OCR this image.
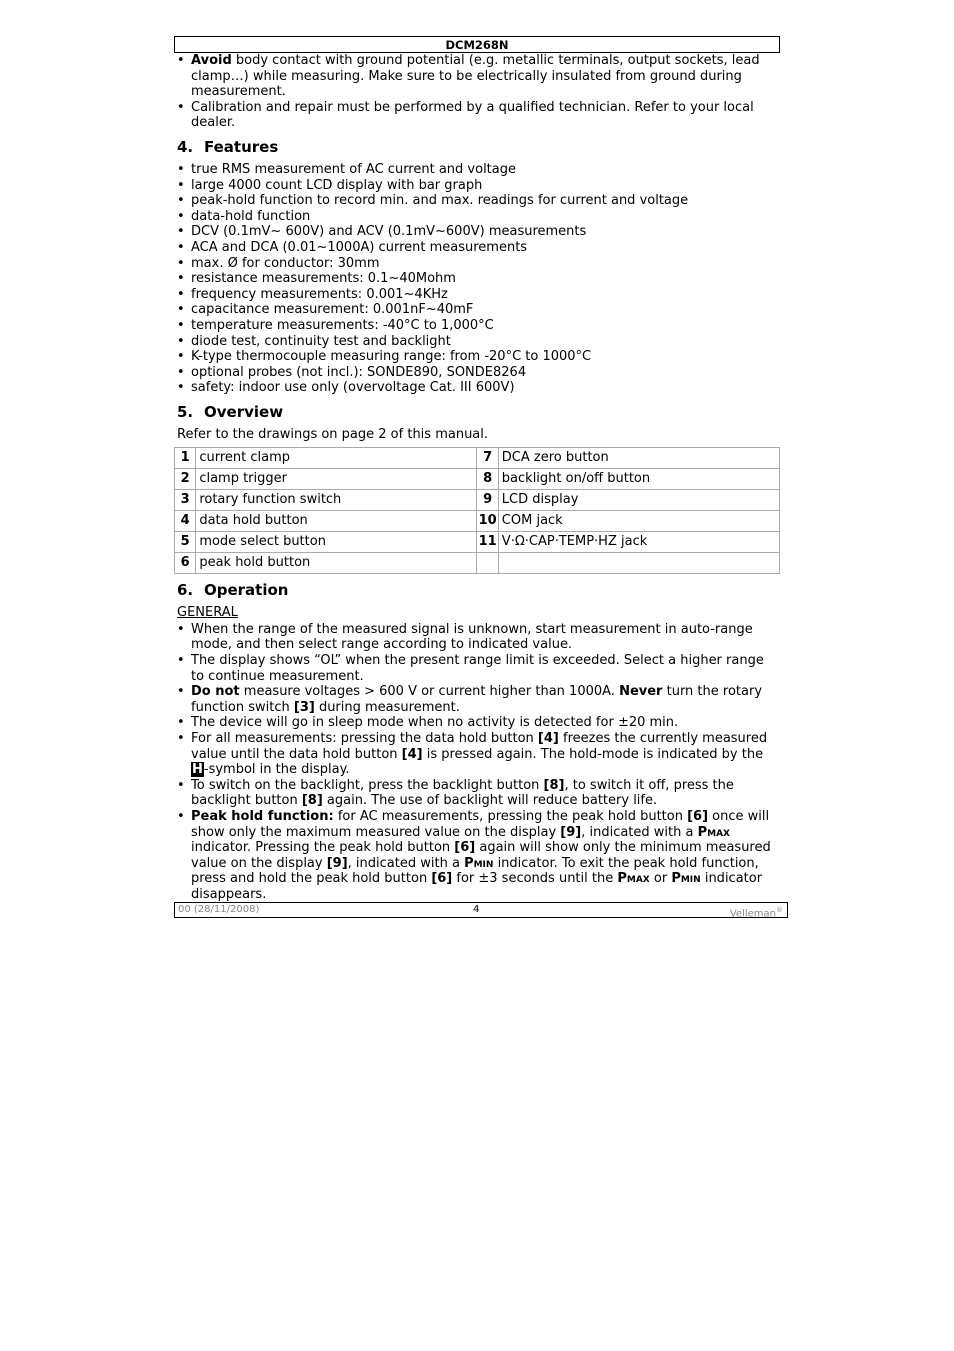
DCM268N
• Avoid body contact with ground potential (e.g. metallic terminals, output sockets, lead clamp…) while measuring. Make sure to be electrically insulated from ground during measurement.
• Calibration and repair must be performed by a qualified technician. Refer to your local dealer.
4. Features
• true RMS measurement of AC current and voltage
• large 4000 count LCD display with bar graph
• peak-hold function to record min. and max. readings for current and voltage
• data-hold function
• DCV (0.1mV~ 600V) and ACV (0.1mV~600V) measurements
• ACA and DCA (0.01~1000A) current measurements
• max. Ø for conductor: 30mm
• resistance measurements: 0.1~40Mohm
• frequency measurements: 0.001~4KHz
• capacitance measurement: 0.001nF~40mF
• temperature measurements: -40°C to 1,000°C
• diode test, continuity test and backlight
• K-type thermocouple measuring range: from -20°C to 1000°C
• optional probes (not incl.): SONDE890, SONDE8264
• safety: indoor use only (overvoltage Cat. III 600V)
5. Overview

Refer to the drawings on page 2 of this manual.

1	current clamp	7	DCA zero button
2	clamp trigger	8	backlight on/off button
3	rotary function switch	9	LCD display
4	data hold button	10	COM jack
5	mode select button	11	V·Ω·CAP·TEMP·HZ jack
6	peak hold button		
6. Operation
GENERAL
• When the range of the measured signal is unknown, start measurement in auto-range mode, and then select range according to indicated value.
• The display shows “OL” when the present range limit is exceeded. Select a higher range to continue measurement.
• Do not measure voltages > 600 V or current higher than 1000A. Never turn the rotary function switch [3] during measurement.
• The device will go in sleep mode when no activity is detected for ±20 min.
• For all measurements: pressing the data hold button [4] freezes the currently measured value until the data hold button [4] is pressed again. The hold-mode is indicated by the H-symbol in the display.
• To switch on the backlight, press the backlight button [8], to switch it off, press the backlight button [8] again. The use of backlight will reduce battery life.
• Peak hold function: for AC measurements, pressing the peak hold button [6] once will show only the maximum measured value on the display [9], indicated with a Pmax indicator. Pressing the peak hold button [6] again will show only the minimum measured value on the display [9], indicated with a Pmin indicator. To exit the peak hold function, press and hold the peak hold button [6] for ±3 seconds until the Pmax or Pmin indicator disappears.
00 (28/11/2008)	4	Velleman®
